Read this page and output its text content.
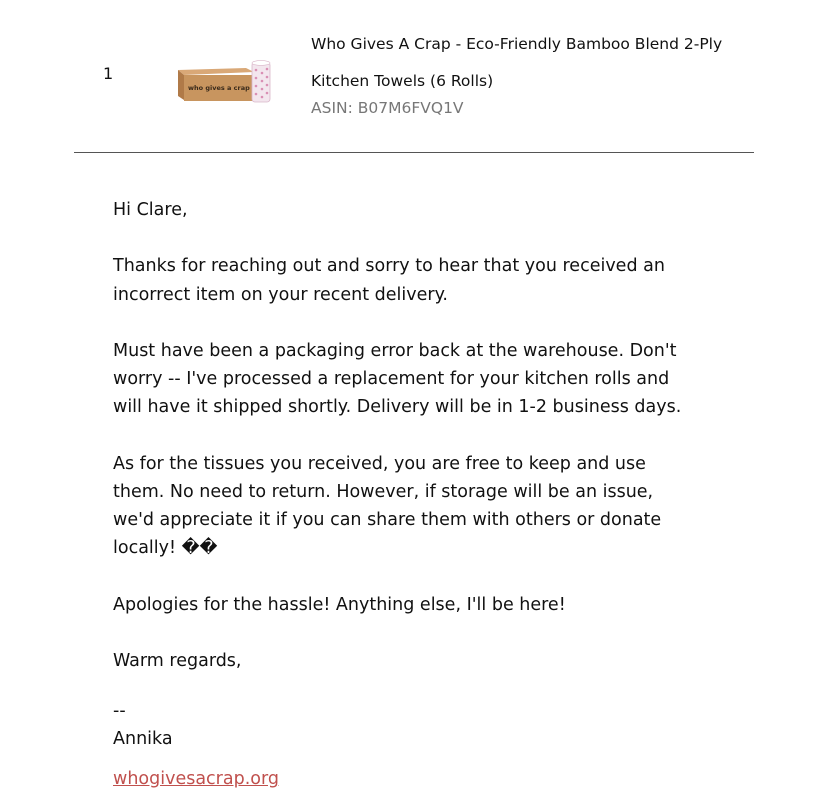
1
who gives a crap
Who Gives A Crap - Eco-Friendly Bamboo Blend 2-Ply
Kitchen Towels (6 Rolls)
ASIN: B07M6FVQ1V

Hi Clare,

Thanks for reaching out and sorry to hear that you received an
incorrect item on your recent delivery.

Must have been a packaging error back at the warehouse. Don't
worry -- I've processed a replacement for your kitchen rolls and
will have it shipped shortly. Delivery will be in 1-2 business days.

As for the tissues you received, you are free to keep and use
them. No need to return. However, if storage will be an issue,
we'd appreciate it if you can share them with others or donate
locally! ��

Apologies for the hassle! Anything else, I'll be here!

Warm regards,

--

Annika

whogivesacrap.org
